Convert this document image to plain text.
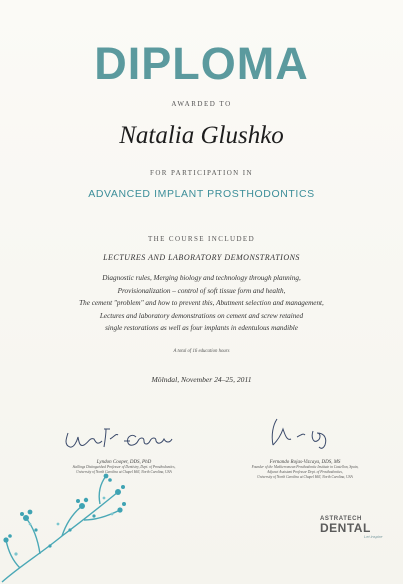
DIPLOMA
AWARDED TO
Natalia Glushko
FOR PARTICIPATION IN
ADVANCED IMPLANT PROSTHODONTICS
THE COURSE INCLUDED
LECTURES AND LABORATORY DEMONSTRATIONS
Diagnostic rules, Merging biology and technology through planning,
Provisionalization – control of soft tissue form and health,
The cement "problem" and how to prevent this, Abutment selection and management,
Lectures and laboratory demonstrations on cement and screw retained
single restorations as well as four implants in edentulous mandible
A total of 16 education hours
Mölndal, November 24–25, 2011
Lyndon Cooper, DDS, PhD
Stallings Distinguished Professor of Dentistry, Dept. of Prosthodontics,
University of North Carolina at Chapel Hill, North Carolina, USA
Fernando Rojas-Vizcaya, DDS, MS
Founder of the Mediterranean Prosthodontic Institute in Castellon, Spain,
Adjunct Assistant Professor Dept. of Prosthodontics,
University of North Carolina at Chapel Hill, North Carolina, USA
ASTRATECH
DENTAL
Let inspire
